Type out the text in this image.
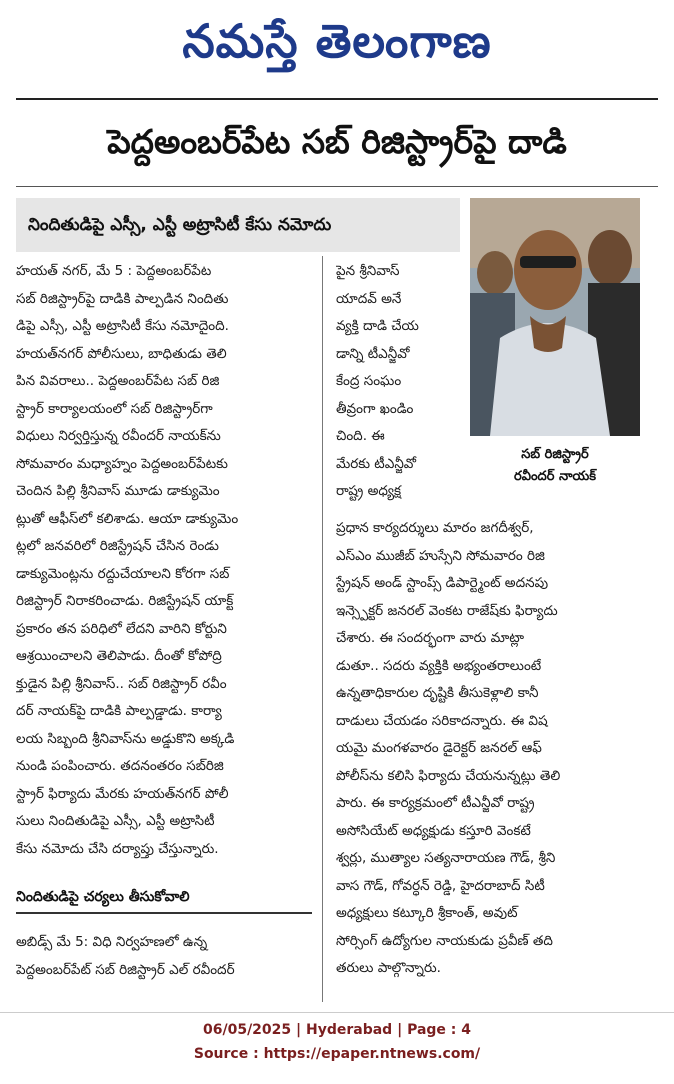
నమస్తే తెలంగాణ
పెద్దఅంబర్‌పేట సబ్ రిజిస్ట్రార్‌పై దాడి
నిందితుడిపై ఎస్సీ, ఎస్టీ అట్రాసిటీ కేసు నమోదు
సబ్ రిజిస్ట్రార్
రవీందర్ నాయక్
హయత్ నగర్, మే 5 : పెద్దఅంబర్‌పేట
సబ్ రిజిస్ట్రార్‌పై దాడికి పాల్పడిన నిందితు
డిపై ఎస్సీ, ఎస్టీ అట్రాసిటీ కేసు నమోదైంది.
హయత్‌నగర్ పోలీసులు, బాధితుడు తెలి
పిన వివరాలు.. పెద్దఅంబర్‌పేట సబ్ రిజి
స్ట్రార్ కార్యాలయంలో సబ్ రిజిస్ట్రార్‌గా
విధులు నిర్వర్తిస్తున్న రవీందర్ నాయక్‌ను
సోమవారం మధ్యాహ్నం పెద్దఅంబర్‌పేటకు
చెందిన పిల్లి శ్రీనివాస్ మూడు డాక్యుమెం
ట్లుతో ఆఫీస్‌లో కలిశాడు. ఆయా డాక్యుమెం
ట్లలో జనవరిలో రిజిస్ట్రేషన్ చేసిన రెండు
డాక్యుమెంట్లను రద్దుచేయాలని కోరగా సబ్
రిజిస్ట్రార్ నిరాకరించాడు. రిజిస్ట్రేషన్ యాక్ట్
ప్రకారం తన పరిధిలో లేదని వారిని కోర్టుని
ఆశ్రయించాలని తెలిపాడు. దీంతో కోపోద్రి
క్తుడైన పిల్లి శ్రీనివాస్.. సబ్ రిజిస్ట్రార్ రవీం
దర్ నాయక్‌పై దాడికి పాల్పడ్డాడు. కార్యా
లయ సిబ్బంది శ్రీనివాస్‌ను అడ్డుకొని అక్కడి
నుండి పంపించారు. తదనంతరం సబ్‌రిజి
స్ట్రార్ ఫిర్యాదు మేరకు హయత్‌నగర్ పోలీ
సులు నిందితుడిపై ఎస్సీ, ఎస్టీ అట్రాసిటీ
కేసు నమోదు చేసి దర్యాప్తు చేస్తున్నారు.
నిందితుడిపై చర్యలు తీసుకోవాలి
అబిడ్స్ మే 5: విధి నిర్వహణలో ఉన్న
పెద్దఅంబర్‌పేట్ సబ్ రిజిస్ట్రార్ ఎల్ రవీందర్
పైన శ్రీనివాస్
యాదవ్ అనే
వ్యక్తి దాడి చేయ
డాన్ని టీఎన్జీవో
కేంద్ర సంఘం
తీవ్రంగా ఖండిం
చింది. ఈ
మేరకు టీఎన్జీవో
రాష్ట్ర అధ్యక్ష
ప్రధాన కార్యదర్శులు మారం జగదీశ్వర్,
ఎస్ఎం ముజీబ్ హుస్సేని సోమవారం రిజి
స్ట్రేషన్ అండ్ స్టాంప్స్ డిపార్ట్మెంట్ అదనపు
ఇన్స్పెక్టర్ జనరల్ వెంకట రాజేష్‌కు ఫిర్యాదు
చేశారు. ఈ సందర్భంగా వారు మాట్లా
డుతూ.. సదరు వ్యక్తికి అభ్యంతరాలుంటే
ఉన్నతాధికారుల దృష్టికి తీసుకెళ్లాలి కానీ
దాడులు చేయడం సరికాదన్నారు. ఈ విష
యమై మంగళవారం డైరెక్టర్ జనరల్ ఆఫ్
పోలీస్‌ను కలిసి ఫిర్యాదు చేయనున్నట్లు తెలి
పారు. ఈ కార్యక్రమంలో టీఎన్జీవో రాష్ట్ర
అసోసియేట్ అధ్యక్షుడు కస్తూరి వెంకటే
శ్వర్లు, ముత్యాల సత్యనారాయణ గౌడ్, శ్రీని
వాస గౌడ్, గోవర్ధన్ రెడ్డి, హైదరాబాద్ సిటీ
అధ్యక్షులు కట్కూరి శ్రీకాంత్, అవుట్
సోర్సింగ్ ఉద్యోగుల నాయకుడు ప్రవీణ్ తది
తరులు పాల్గొన్నారు.
06/05/2025 | Hyderabad | Page : 4
Source : https://epaper.ntnews.com/
